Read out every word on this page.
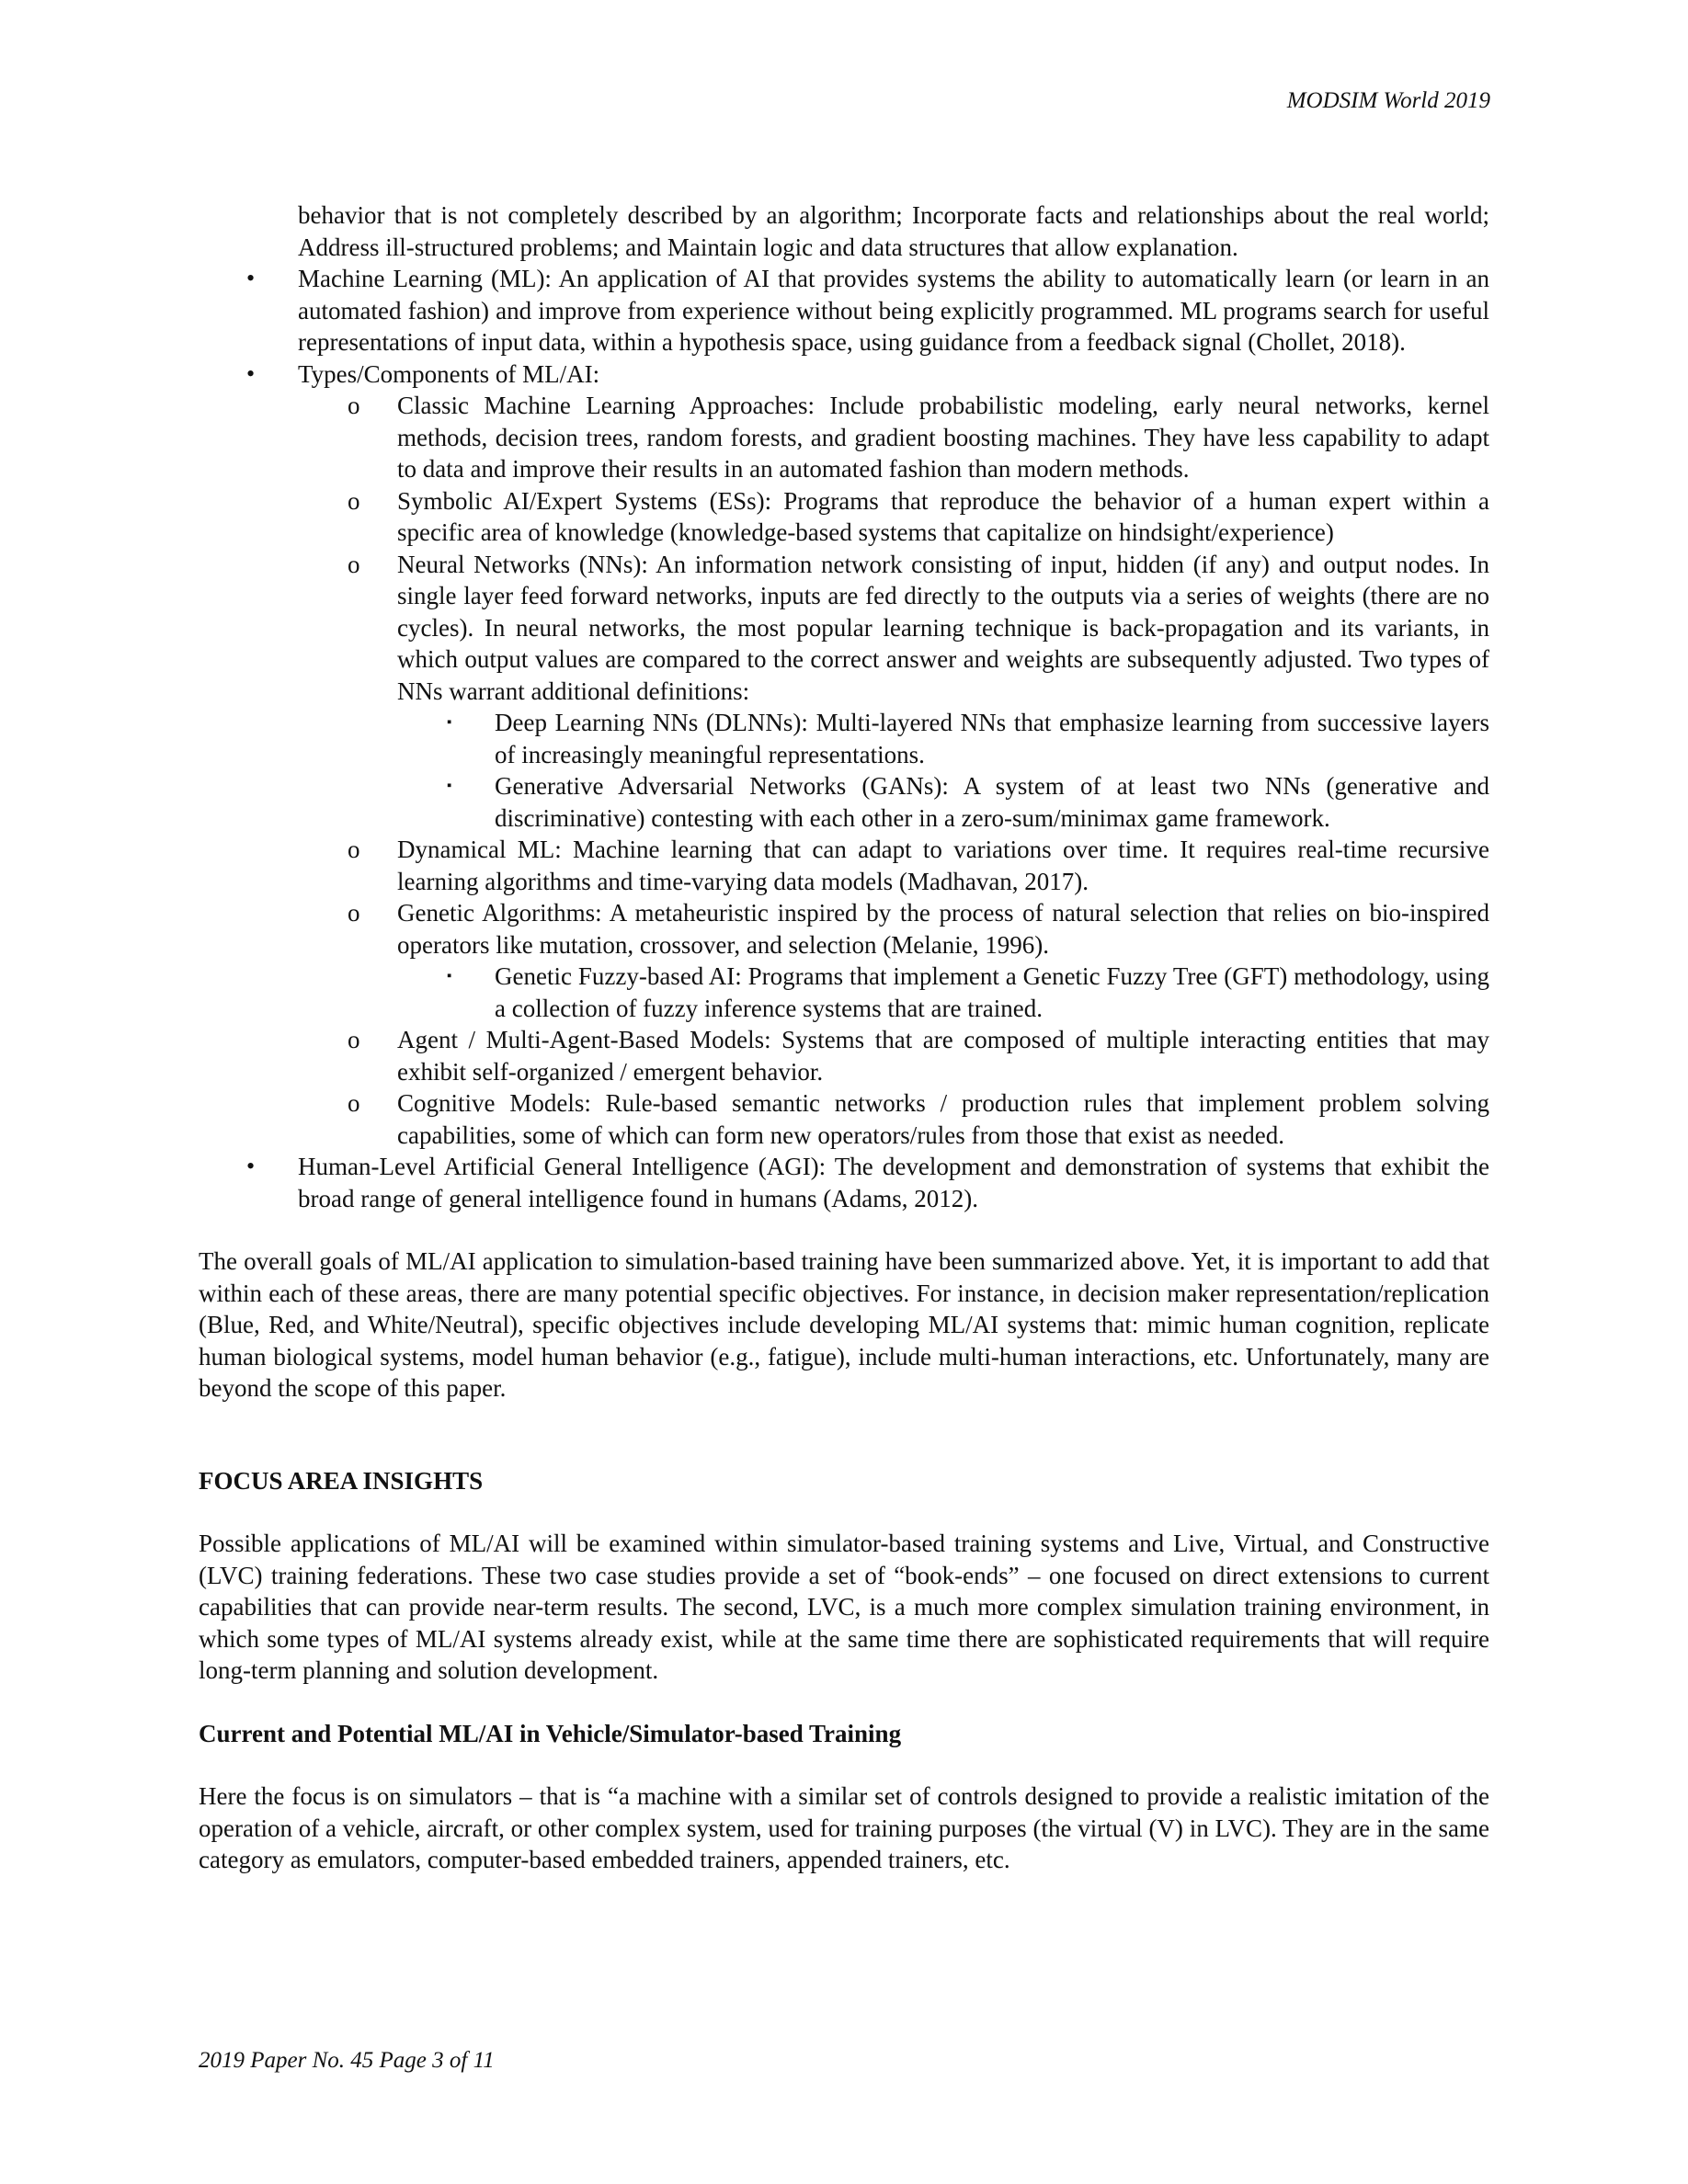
MODSIM World 2019
behavior that is not completely described by an algorithm; Incorporate facts and relationships about the real world; Address ill-structured problems; and Maintain logic and data structures that allow explanation.
• Machine Learning (ML): An application of AI that provides systems the ability to automatically learn (or learn in an automated fashion) and improve from experience without being explicitly programmed. ML programs search for useful representations of input data, within a hypothesis space, using guidance from a feedback signal (Chollet, 2018).
• Types/Components of ML/AI:
o Classic Machine Learning Approaches: Include probabilistic modeling, early neural networks, kernel methods, decision trees, random forests, and gradient boosting machines. They have less capability to adapt to data and improve their results in an automated fashion than modern methods.
o Symbolic AI/Expert Systems (ESs): Programs that reproduce the behavior of a human expert within a specific area of knowledge (knowledge-based systems that capitalize on hindsight/experience)
o Neural Networks (NNs): An information network consisting of input, hidden (if any) and output nodes. In single layer feed forward networks, inputs are fed directly to the outputs via a series of weights (there are no cycles). In neural networks, the most popular learning technique is back-propagation and its variants, in which output values are compared to the correct answer and weights are subsequently adjusted. Two types of NNs warrant additional definitions:
▪ Deep Learning NNs (DLNNs): Multi-layered NNs that emphasize learning from successive layers of increasingly meaningful representations.
▪ Generative Adversarial Networks (GANs): A system of at least two NNs (generative and discriminative) contesting with each other in a zero-sum/minimax game framework.
o Dynamical ML: Machine learning that can adapt to variations over time. It requires real-time recursive learning algorithms and time-varying data models (Madhavan, 2017).
o Genetic Algorithms: A metaheuristic inspired by the process of natural selection that relies on bio-inspired operators like mutation, crossover, and selection (Melanie, 1996).
▪ Genetic Fuzzy-based AI: Programs that implement a Genetic Fuzzy Tree (GFT) methodology, using a collection of fuzzy inference systems that are trained.
o Agent / Multi-Agent-Based Models: Systems that are composed of multiple interacting entities that may exhibit self-organized / emergent behavior.
o Cognitive Models: Rule-based semantic networks / production rules that implement problem solving capabilities, some of which can form new operators/rules from those that exist as needed.
• Human-Level Artificial General Intelligence (AGI): The development and demonstration of systems that exhibit the broad range of general intelligence found in humans (Adams, 2012).
The overall goals of ML/AI application to simulation-based training have been summarized above. Yet, it is important to add that within each of these areas, there are many potential specific objectives. For instance, in decision maker representation/replication (Blue, Red, and White/Neutral), specific objectives include developing ML/AI systems that: mimic human cognition, replicate human biological systems, model human behavior (e.g., fatigue), include multi-human interactions, etc. Unfortunately, many are beyond the scope of this paper.
FOCUS AREA INSIGHTS
Possible applications of ML/AI will be examined within simulator-based training systems and Live, Virtual, and Constructive (LVC) training federations. These two case studies provide a set of “book-ends” – one focused on direct extensions to current capabilities that can provide near-term results. The second, LVC, is a much more complex simulation training environment, in which some types of ML/AI systems already exist, while at the same time there are sophisticated requirements that will require long-term planning and solution development.
Current and Potential ML/AI in Vehicle/Simulator-based Training
Here the focus is on simulators – that is “a machine with a similar set of controls designed to provide a realistic imitation of the operation of a vehicle, aircraft, or other complex system, used for training purposes (the virtual (V) in LVC). They are in the same category as emulators, computer-based embedded trainers, appended trainers, etc.
2019 Paper No. 45 Page 3 of 11
